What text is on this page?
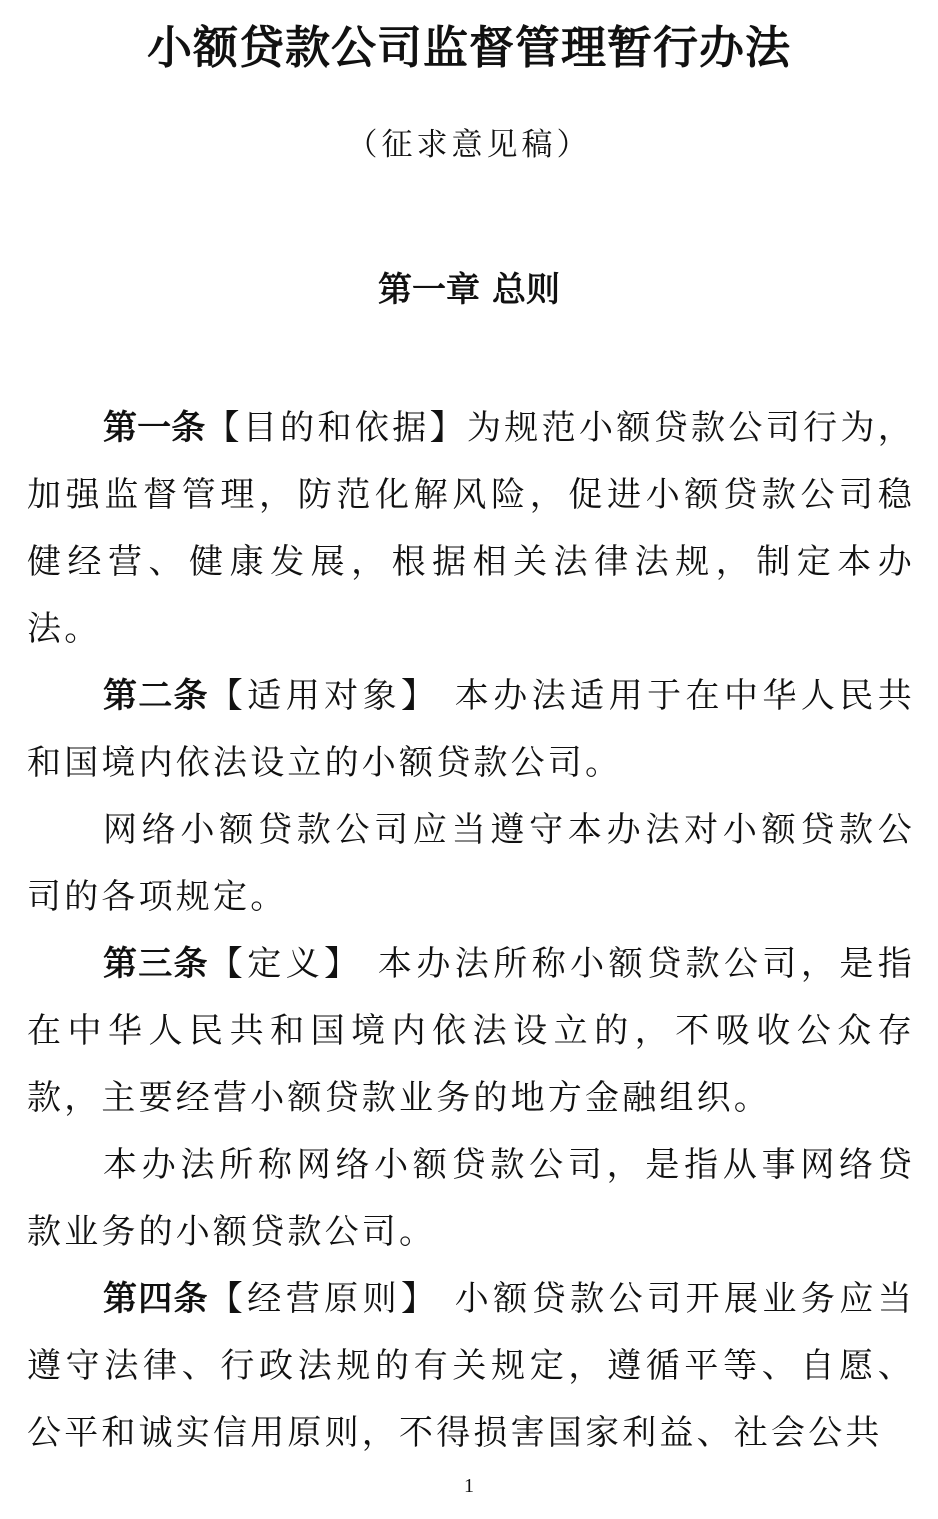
小额贷款公司监督管理暂行办法
（征求意见稿）
第一章 总则

第一条【目的和依据】为规范小额贷款公司行为，加强监督管理，防范化解风险，促进小额贷款公司稳健经营、健康发展，根据相关法律法规，制定本办法。

第二条【适用对象】 本办法适用于在中华人民共和国境内依法设立的小额贷款公司。

网络小额贷款公司应当遵守本办法对小额贷款公司的各项规定。

第三条【定义】 本办法所称小额贷款公司，是指在中华人民共和国境内依法设立的，不吸收公众存款，主要经营小额贷款业务的地方金融组织。

本办法所称网络小额贷款公司，是指从事网络贷款业务的小额贷款公司。

第四条【经营原则】 小额贷款公司开展业务应当遵守法律、行政法规的有关规定，遵循平等、自愿、公平和诚实信用原则，不得损害国家利益、社会公共

1
